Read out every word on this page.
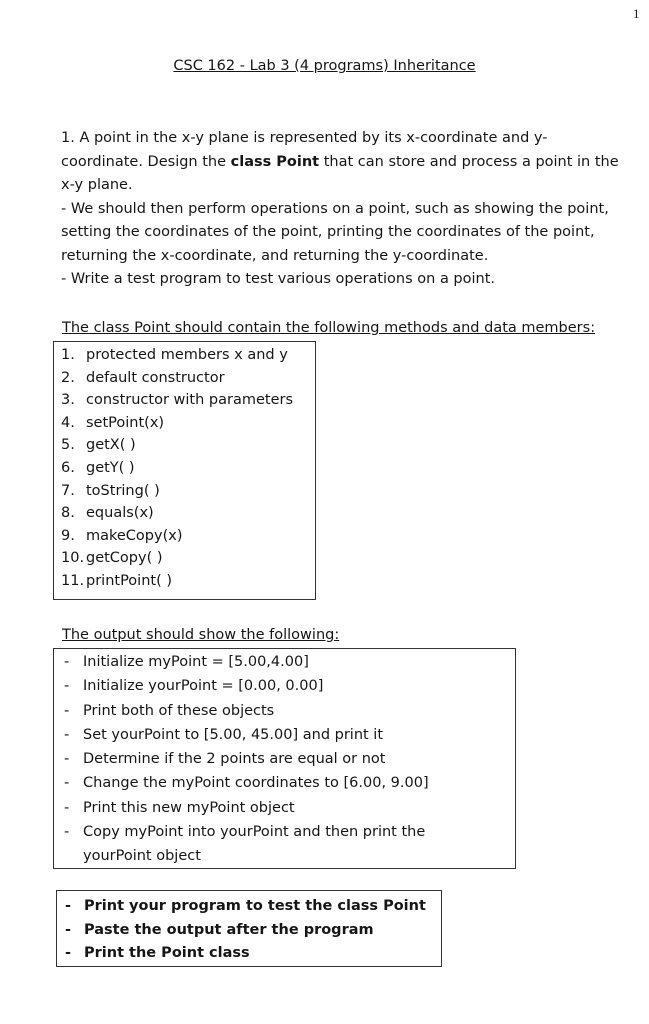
1
CSC 162 - Lab 3 (4 programs) Inheritance

1. A point in the x-y plane is represented by its x-coordinate and y-

coordinate. Design the class Point that can store and process a point in the

x-y plane.

- We should then perform operations on a point, such as showing the point,

setting the coordinates of the point, printing the coordinates of the point,

returning the x-coordinate, and returning the y-coordinate.

- Write a test program to test various operations on a point.

The class Point should contain the following methods and data members:
1. protected members x and y
2. default constructor
3. constructor with parameters
4. setPoint(x)
5. getX( )
6. getY( )
7. toString( )
8. equals(x)
9. makeCopy(x)
10. getCopy( )
11. printPoint( )
The output should show the following:
- Initialize myPoint = [5.00,4.00]
- Initialize yourPoint = [0.00, 0.00]
- Print both of these objects
- Set yourPoint to [5.00, 45.00] and print it
- Determine if the 2 points are equal or not
- Change the myPoint coordinates to [6.00, 9.00]
- Print this new myPoint object
- Copy myPoint into yourPoint and then print the
yourPoint object
- Print your program to test the class Point
- Paste the output after the program
- Print the Point class
